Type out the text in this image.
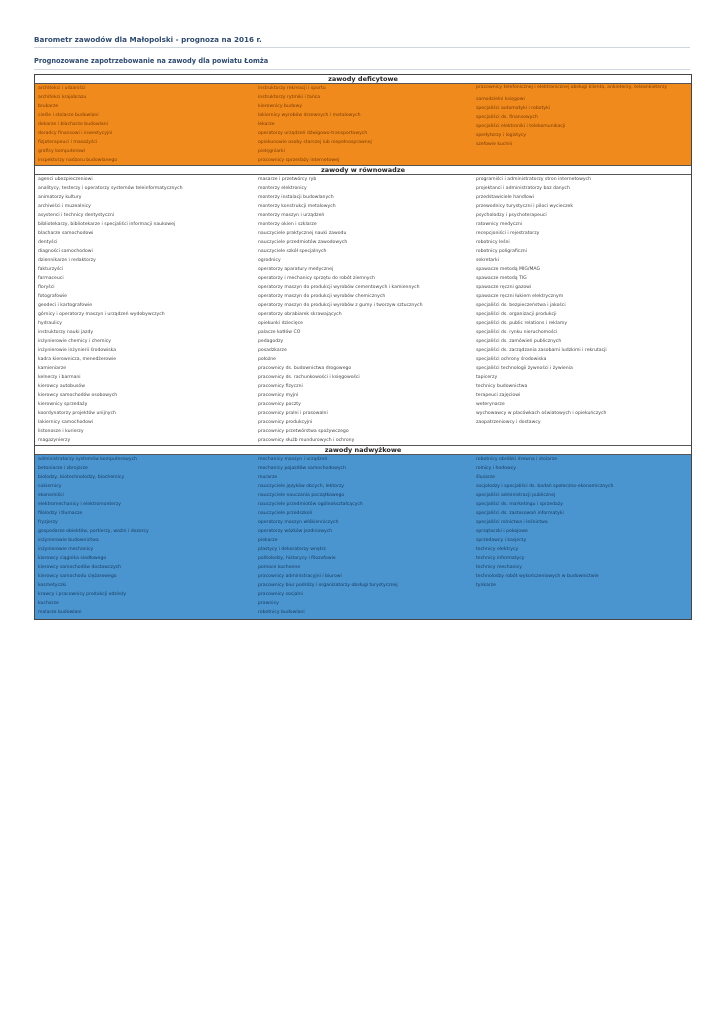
Barometr zawodów dla Małopolski - prognoza na 2016 r.
Prognozowane zapotrzebowanie na zawody dla powiatu Łomża
zawody deficytowe
architekci i urbaniści
architekci krajobrazu
brukarze
cieśle i stolarze budowlani
dekarze i blacharze budowlani
doradcy finansowi i inwestycyjni
fizjoterapeuci i masażyści
graficy komputerowi
inspektorzy nadzoru budowlanego
instruktorzy rekreacji i sportu
instruktorzy rytmiki i tańca
kierownicy budowy
lakiernicy wyrobów drzewnych i metalowych
lekarze
operatorzy urządzeń dźwigowo-transportowych
opiekunowie osoby starszej lub niepełnosprawnej
pielęgniarki
pracownicy sprzedaży internetowej
pracownicy telefonicznej i elektronicznej obsługi klienta, ankieterzy, teleankieterzy
samodzielni księgowi
specjaliści automatyki i robotyki
specjaliści ds. finansowych
specjaliści elektroniki i telekomunikacji
spedytorzy i logistycy
szefowie kuchni
zawody w równowadze
agenci ubezpieczeniowi
analitycy, testerzy i operatorzy systemów teleinformatycznych
animatorzy kultury
archiwiści i muzealnicy
asystenci i technicy dentystyczni
bibliotekarzy, bibliotekarze i specjaliści informacji naukowej
blacharze samochodowi
dentyści
diagności samochodowi
dziennikarze i redaktorzy
fakturzyści
farmaceuci
floryści
fotografowie
geodeci i kartografowie
górnicy i operatorzy maszyn i urządzeń wydobywczych
hydraulicy
instruktorzy nauki jazdy
inżynierowie chemicy i chemicy
inżynierowie inżynierii środowiska
kadra kierownicza, menedżerowie
kamieniarze
kelnerzy i barmani
kierowcy autobusów
kierowcy samochodów osobowych
kierownicy sprzedaży
koordynatorzy projektów unijnych
lakiernicy samochodowi
listonosze i kurierzy
magazynierzy
masarze i przetwórcy ryb
monterzy elektronicy
monterzy instalacji budowlanych
monterzy konstrukcji metalowych
monterzy maszyn i urządzeń
monterzy okien i szklarze
nauczyciele praktycznej nauki zawodu
nauczyciele przedmiotów zawodowych
nauczyciele szkół specjalnych
ogrodnicy
operatorzy aparatury medycznej
operatorzy i mechanicy sprzętu do robót ziemnych
operatorzy maszyn do produkcji wyrobów cementowych i kamiennych
operatorzy maszyn do produkcji wyrobów chemicznych
operatorzy maszyn do produkcji wyrobów z gumy i tworzyw sztucznych
operatorzy obrabiarek skrawających
opiekunki dziecięce
palacze kotłów CO
pedagodzy
posadzkarze
położne
pracownicy ds. budownictwa drogowego
pracownicy ds. rachunkowości i księgowości
pracownicy fizyczni
pracownicy myjni
pracownicy poczty
pracownicy pralni i prasowalni
pracownicy produkcyjni
pracownicy przetwórstwa spożywczego
pracownicy służb mundurowych i ochrony
programiści i administratorzy stron internetowych
projektanci i administratorzy baz danych
przedstawiciele handlowi
przewodnicy turystyczni i piloci wycieczek
psycholodzy i psychoterapeuci
ratownicy medyczni
recepcjoniści i rejestratorzy
robotnicy leśni
robotnicy poligraficzni
sekretarki
spawacze metodą MIG/MAG
spawacze metodą TIG
spawacze ręczni gazowi
spawacze ręczni łukiem elektrycznym
specjaliści ds. bezpieczeństwa i jakości
specjaliści ds. organizacji produkcji
specjaliści ds. public relations i reklamy
specjaliści ds. rynku nieruchomości
specjaliści ds. zamówień publicznych
specjaliści ds. zarządzania zasobami ludzkimi i rekrutacji
specjaliści ochrony środowiska
specjaliści technologii żywności i żywienia
tapicerzy
technicy budownictwa
terapeuci zajęciowi
weterynarze
wychowawcy w placówkach oświatowych i opiekuńczych
zaopatrzeniowcy i dostawcy
zawody nadwyżkowe
administratorzy systemów komputerowych
betoniarze i zbrojarze
biolodzy, biotechnolodzy, biochemicy
cukiernicy
ekonomiści
elektromechanicy i elektromonterzy
filolodzy i tłumacze
fryzjerzy
gospodarze obiektów, portierzy, woźni i dozorcy
inżynierowie budownictwa
inżynierowie mechanicy
kierowcy ciągnika siodłowego
kierowcy samochodów dostawczych
kierowcy samochodu ciężarowego
kosmetyczki
krawcy i pracownicy produkcji odzieży
kucharze
malarze budowlani
mechanicy maszyn i urządzeń
mechanicy pojazdów samochodowych
murarze
nauczyciele języków obcych, lektorzy
nauczyciele nauczania początkowego
nauczyciele przedmiotów ogólnokształcących
nauczyciele przedszkoli
operatorzy maszyn włókienniczych
operatorzy wózków jezdniowych
piekarze
plastycy i dekoratorzy wnętrz
politolodzy, historycy i filozofowie
pomoce kuchenne
pracownicy administracyjni i biurowi
pracownicy biur podróży i organizatorzy obsługi turystycznej
pracownicy socjalni
prawnicy
robotnicy budowlani
robotnicy obróbki drewna i stolarze
rolnicy i hodowcy
ślusarze
socjolodzy i specjaliści ds. badań społeczno-ekonomicznych
specjaliści administracji publicznej
specjaliści ds. marketingu i sprzedaży
specjaliści ds. zastosowań informatyki
specjaliści rolnictwa i leśnictwa
sprzątaczki i pokojowe
sprzedawcy i kasjerzy
technicy elektrycy
technicy informatycy
technicy mechanicy
technolodzy robót wykończeniowych w budownictwie
tynkarze
